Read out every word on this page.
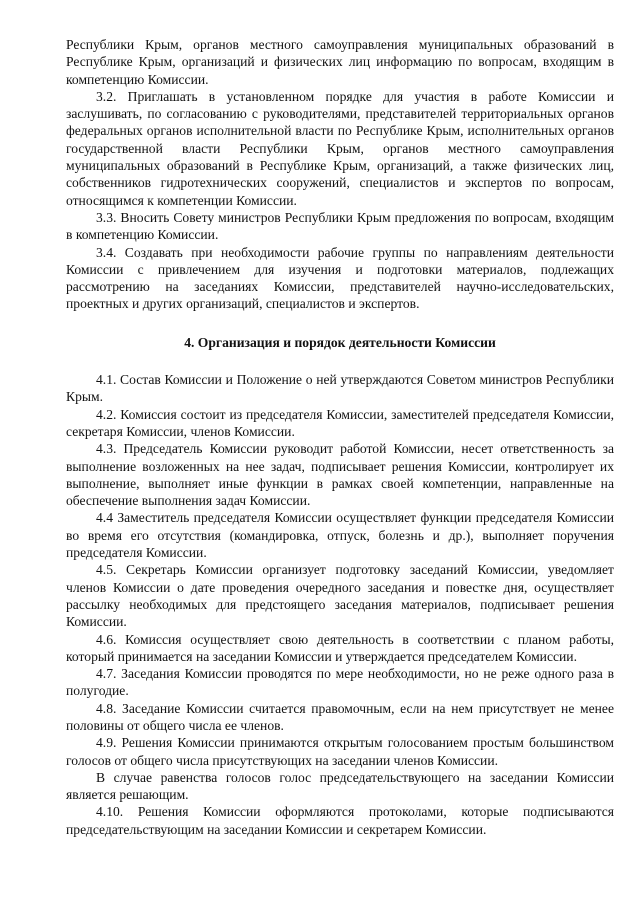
Республики Крым, органов местного самоуправления муниципальных образований в Республике Крым, организаций и физических лиц информацию по вопросам, входящим в компетенцию Комиссии.

3.2. Приглашать в установленном порядке для участия в работе Комиссии и заслушивать, по согласованию с руководителями, представителей территориальных органов федеральных органов исполнительной власти по Республике Крым, исполнительных органов государственной власти Республики Крым, органов местного самоуправления муниципальных образований в Республике Крым, организаций, а также физических лиц, собственников гидротехнических сооружений, специалистов и экспертов по вопросам, относящимся к компетенции Комиссии.

3.3. Вносить Совету министров Республики Крым предложения по вопросам, входящим в компетенцию Комиссии.

3.4. Создавать при необходимости рабочие группы по направлениям деятельности Комиссии с привлечением для изучения и подготовки материалов, подлежащих рассмотрению на заседаниях Комиссии, представителей научно-исследовательских, проектных и других организаций, специалистов и экспертов.

4. Организация и порядок деятельности Комиссии

4.1. Состав Комиссии и Положение о ней утверждаются Советом министров Республики Крым.

4.2. Комиссия состоит из председателя Комиссии, заместителей председателя Комиссии, секретаря Комиссии, членов Комиссии.

4.3. Председатель Комиссии руководит работой Комиссии, несет ответственность за выполнение возложенных на нее задач, подписывает решения Комиссии, контролирует их выполнение, выполняет иные функции в рамках своей компетенции, направленные на обеспечение выполнения задач Комиссии.

4.4 Заместитель председателя Комиссии осуществляет функции председателя Комиссии во время его отсутствия (командировка, отпуск, болезнь и др.), выполняет поручения председателя Комиссии.

4.5. Секретарь Комиссии организует подготовку заседаний Комиссии, уведомляет членов Комиссии о дате проведения очередного заседания и повестке дня, осуществляет рассылку необходимых для предстоящего заседания материалов, подписывает решения Комиссии.

4.6. Комиссия осуществляет свою деятельность в соответствии с планом работы, который принимается на заседании Комиссии и утверждается председателем Комиссии.

4.7. Заседания Комиссии проводятся по мере необходимости, но не реже одного раза в полугодие.

4.8. Заседание Комиссии считается правомочным, если на нем присутствует не менее половины от общего числа ее членов.

4.9. Решения Комиссии принимаются открытым голосованием простым большинством голосов от общего числа присутствующих на заседании членов Комиссии.

В случае равенства голосов голос председательствующего на заседании Комиссии является решающим.

4.10. Решения Комиссии оформляются протоколами, которые подписываются председательствующим на заседании Комиссии и секретарем Комиссии.
